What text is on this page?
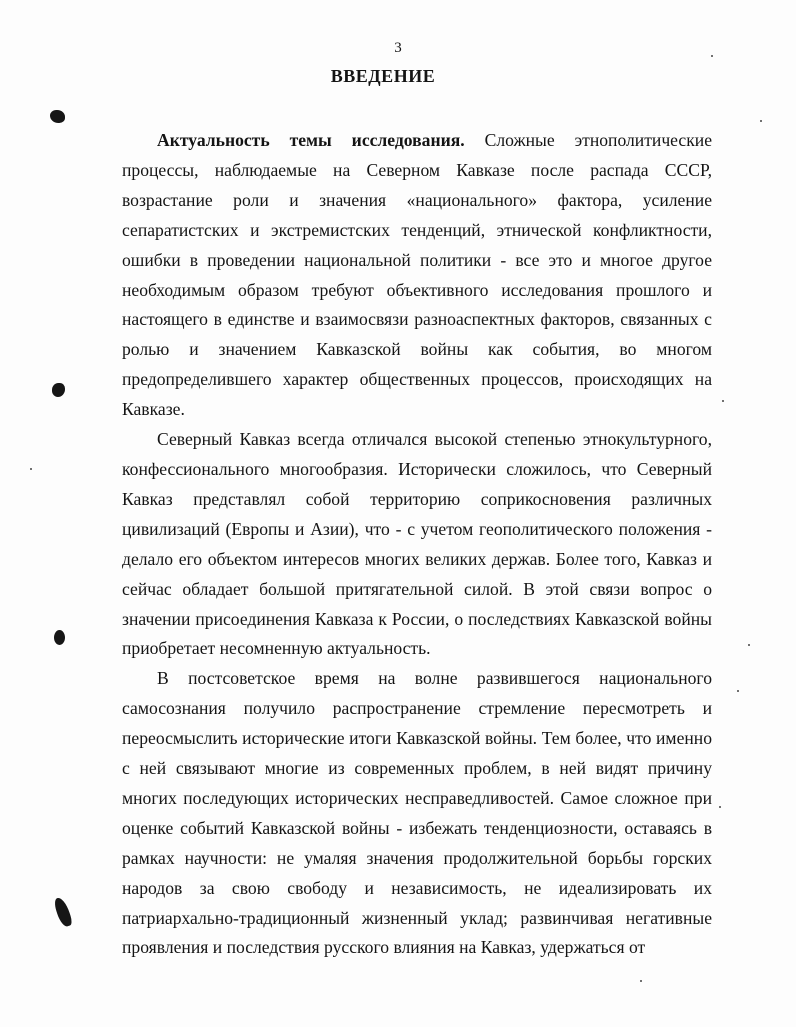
3
ВВЕДЕНИЕ

Актуальность темы исследования. Сложные этнополитические процессы, наблюдаемые на Северном Кавказе после распада СССР, возрастание роли и значения «национального» фактора, усиление сепаратистских и экстремистских тенденций, этнической конфликтности, ошибки в проведении национальной политики - все это и многое другое необходимым образом требуют объективного исследования прошлого и настоящего в единстве и взаимосвязи разноаспектных факторов, связанных с ролью и значением Кавказской войны как события, во многом предопределившего характер общественных процессов, происходящих на Кавказе.

Северный Кавказ всегда отличался высокой степенью этнокультурного, конфессионального многообразия. Исторически сложилось, что Северный Кавказ представлял собой территорию соприкосновения различных цивилизаций (Европы и Азии), что - с учетом геополитического положения - делало его объектом интересов многих великих держав. Более того, Кавказ и сейчас обладает большой притягательной силой. В этой связи вопрос о значении присоединения Кавказа к России, о последствиях Кавказской войны приобретает несомненную актуальность.

В постсоветское время на волне развившегося национального самосознания получило распространение стремление пересмотреть и переосмыслить исторические итоги Кавказской войны. Тем более, что именно с ней связывают многие из современных проблем, в ней видят причину многих последующих исторических несправедливостей. Самое сложное при оценке событий Кавказской войны - избежать тенденциозности, оставаясь в рамках научности: не умаляя значения продолжительной борьбы горских народов за свою свободу и независимость, не идеализировать их патриархально-традиционный жизненный уклад; развинчивая негативные проявления и последствия русского влияния на Кавказ, удержаться от
